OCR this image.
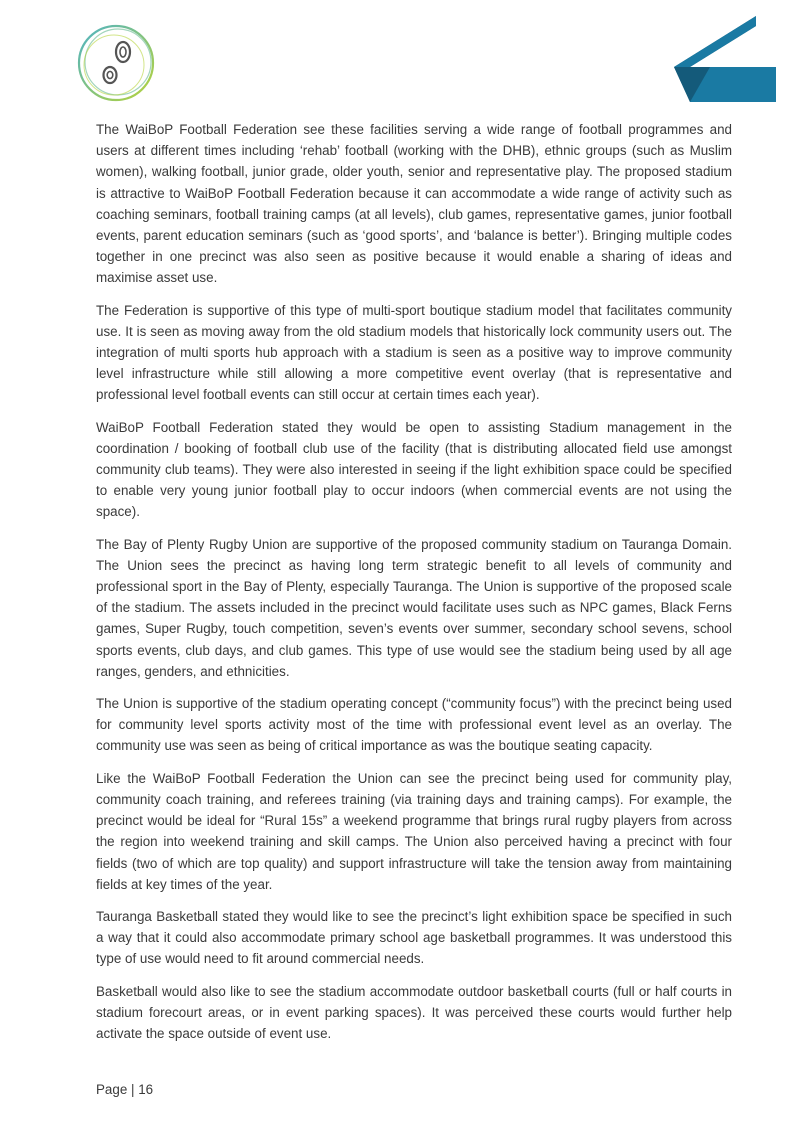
The WaiBoP Football Federation see these facilities serving a wide range of football programmes and users at different times including ‘rehab’ football (working with the DHB), ethnic groups (such as Muslim women), walking football, junior grade, older youth, senior and representative play. The proposed stadium is attractive to WaiBoP Football Federation because it can accommodate a wide range of activity such as coaching seminars, football training camps (at all levels), club games, representative games, junior football events, parent education seminars (such as ‘good sports’, and ‘balance is better’). Bringing multiple codes together in one precinct was also seen as positive because it would enable a sharing of ideas and maximise asset use.

The Federation is supportive of this type of multi-sport boutique stadium model that facilitates community use. It is seen as moving away from the old stadium models that historically lock community users out. The integration of multi sports hub approach with a stadium is seen as a positive way to improve community level infrastructure while still allowing a more competitive event overlay (that is representative and professional level football events can still occur at certain times each year).

WaiBoP Football Federation stated they would be open to assisting Stadium management in the coordination / booking of football club use of the facility (that is distributing allocated field use amongst community club teams). They were also interested in seeing if the light exhibition space could be specified to enable very young junior football play to occur indoors (when commercial events are not using the space).

The Bay of Plenty Rugby Union are supportive of the proposed community stadium on Tauranga Domain. The Union sees the precinct as having long term strategic benefit to all levels of community and professional sport in the Bay of Plenty, especially Tauranga. The Union is supportive of the proposed scale of the stadium. The assets included in the precinct would facilitate uses such as NPC games, Black Ferns games, Super Rugby, touch competition, seven’s events over summer, secondary school sevens, school sports events, club days, and club games. This type of use would see the stadium being used by all age ranges, genders, and ethnicities.

The Union is supportive of the stadium operating concept (“community focus”) with the precinct being used for community level sports activity most of the time with professional event level as an overlay. The community use was seen as being of critical importance as was the boutique seating capacity.

Like the WaiBoP Football Federation the Union can see the precinct being used for community play, community coach training, and referees training (via training days and training camps). For example, the precinct would be ideal for “Rural 15s” a weekend programme that brings rural rugby players from across the region into weekend training and skill camps. The Union also perceived having a precinct with four fields (two of which are top quality) and support infrastructure will take the tension away from maintaining fields at key times of the year.

Tauranga Basketball stated they would like to see the precinct’s light exhibition space be specified in such a way that it could also accommodate primary school age basketball programmes. It was understood this type of use would need to fit around commercial needs.

Basketball would also like to see the stadium accommodate outdoor basketball courts (full or half courts in stadium forecourt areas, or in event parking spaces). It was perceived these courts would further help activate the space outside of event use.

Page | 16
